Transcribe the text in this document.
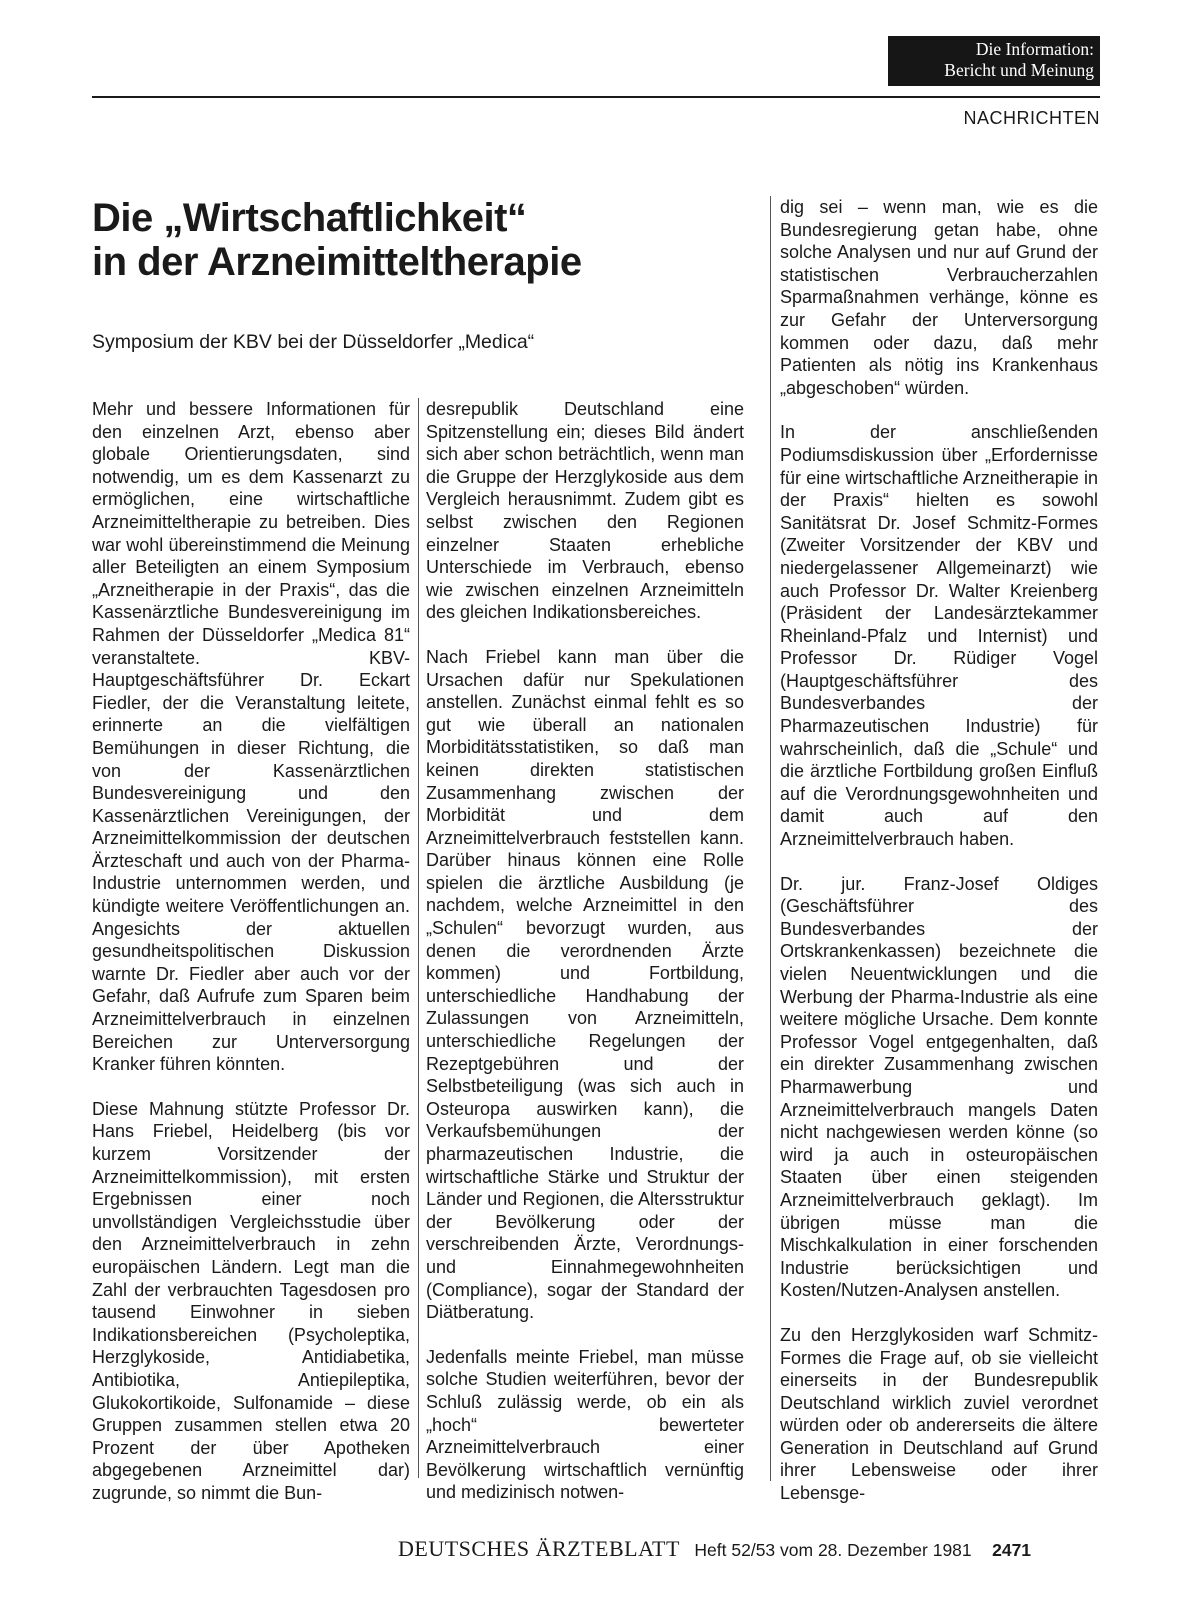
Die Information:
Bericht und Meinung
NACHRICHTEN
Die „Wirtschaftlichkeit“
in der Arzneimitteltherapie

Symposium der KBV bei der Düsseldorfer „Medica“

Mehr und bessere Informationen für den einzelnen Arzt, ebenso aber globale Orientierungsdaten, sind notwendig, um es dem Kassenarzt zu ermöglichen, eine wirtschaftliche Arzneimitteltherapie zu betreiben. Dies war wohl übereinstimmend die Meinung aller Beteiligten an einem Symposium „Arzneitherapie in der Praxis“, das die Kassenärztliche Bundesvereinigung im Rahmen der Düsseldorfer „Medica 81“ veranstaltete. KBV-Hauptgeschäftsführer Dr. Eckart Fiedler, der die Veranstaltung leitete, erinnerte an die vielfältigen Bemühungen in dieser Richtung, die von der Kassenärztlichen Bundesvereinigung und den Kassenärztlichen Vereinigungen, der Arzneimittelkommission der deutschen Ärzteschaft und auch von der Pharma-Industrie unternommen werden, und kündigte weitere Veröffentlichungen an. Angesichts der aktuellen gesundheitspolitischen Diskussion warnte Dr. Fiedler aber auch vor der Gefahr, daß Aufrufe zum Sparen beim Arzneimittelverbrauch in einzelnen Bereichen zur Unterversorgung Kranker führen könnten.

Diese Mahnung stützte Professor Dr. Hans Friebel, Heidelberg (bis vor kurzem Vorsitzender der Arzneimittelkommission), mit ersten Ergebnissen einer noch unvollständigen Vergleichsstudie über den Arzneimittelverbrauch in zehn europäischen Ländern. Legt man die Zahl der verbrauchten Tagesdosen pro tausend Einwohner in sieben Indikationsbereichen (Psycholeptika, Herzglykoside, Antidiabetika, Antibiotika, Antiepileptika, Glukokortikoide, Sulfonamide – diese Gruppen zusammen stellen etwa 20 Prozent der über Apotheken abgegebenen Arzneimittel dar) zugrunde, so nimmt die Bun-

desrepublik Deutschland eine Spitzenstellung ein; dieses Bild ändert sich aber schon beträchtlich, wenn man die Gruppe der Herzglykoside aus dem Vergleich herausnimmt. Zudem gibt es selbst zwischen den Regionen einzelner Staaten erhebliche Unterschiede im Verbrauch, ebenso wie zwischen einzelnen Arzneimitteln des gleichen Indikationsbereiches.

Nach Friebel kann man über die Ursachen dafür nur Spekulationen anstellen. Zunächst einmal fehlt es so gut wie überall an nationalen Morbiditätsstatistiken, so daß man keinen direkten statistischen Zusammenhang zwischen der Morbidität und dem Arzneimittelverbrauch feststellen kann. Darüber hinaus können eine Rolle spielen die ärztliche Ausbildung (je nachdem, welche Arzneimittel in den „Schulen“ bevorzugt wurden, aus denen die verordnenden Ärzte kommen) und Fortbildung, unterschiedliche Handhabung der Zulassungen von Arzneimitteln, unterschiedliche Regelungen der Rezeptgebühren und der Selbstbeteiligung (was sich auch in Osteuropa auswirken kann), die Verkaufsbemühungen der pharmazeutischen Industrie, die wirtschaftliche Stärke und Struktur der Länder und Regionen, die Altersstruktur der Bevölkerung oder der verschreibenden Ärzte, Verordnungs- und Einnahmegewohnheiten (Compliance), sogar der Standard der Diätberatung.

Jedenfalls meinte Friebel, man müsse solche Studien weiterführen, bevor der Schluß zulässig werde, ob ein als „hoch“ bewerteter Arzneimittelverbrauch einer Bevölkerung wirtschaftlich vernünftig und medizinisch notwen-

dig sei – wenn man, wie es die Bundesregierung getan habe, ohne solche Analysen und nur auf Grund der statistischen Verbraucherzahlen Sparmaßnahmen verhänge, könne es zur Gefahr der Unterversorgung kommen oder dazu, daß mehr Patienten als nötig ins Krankenhaus „abgeschoben“ würden.

In der anschließenden Podiumsdiskussion über „Erfordernisse für eine wirtschaftliche Arzneitherapie in der Praxis“ hielten es sowohl Sanitätsrat Dr. Josef Schmitz-Formes (Zweiter Vorsitzender der KBV und niedergelassener Allgemeinarzt) wie auch Professor Dr. Walter Kreienberg (Präsident der Landesärztekammer Rheinland-Pfalz und Internist) und Professor Dr. Rüdiger Vogel (Hauptgeschäftsführer des Bundesverbandes der Pharmazeutischen Industrie) für wahrscheinlich, daß die „Schule“ und die ärztliche Fortbildung großen Einfluß auf die Verordnungsgewohnheiten und damit auch auf den Arzneimittelverbrauch haben.

Dr. jur. Franz-Josef Oldiges (Geschäftsführer des Bundesverbandes der Ortskrankenkassen) bezeichnete die vielen Neuentwicklungen und die Werbung der Pharma-Industrie als eine weitere mögliche Ursache. Dem konnte Professor Vogel entgegenhalten, daß ein direkter Zusammenhang zwischen Pharmawerbung und Arzneimittelverbrauch mangels Daten nicht nachgewiesen werden könne (so wird ja auch in osteuropäischen Staaten über einen steigenden Arzneimittelverbrauch geklagt). Im übrigen müsse man die Mischkalkulation in einer forschenden Industrie berücksichtigen und Kosten/Nutzen-Analysen anstellen.

Zu den Herzglykosiden warf Schmitz-Formes die Frage auf, ob sie vielleicht einerseits in der Bundesrepublik Deutschland wirklich zuviel verordnet würden oder ob andererseits die ältere Generation in Deutschland auf Grund ihrer Lebensweise oder ihrer Lebensge-

DEUTSCHES ÄRZTEBLATT Heft 52/53 vom 28. Dezember 1981 2471
